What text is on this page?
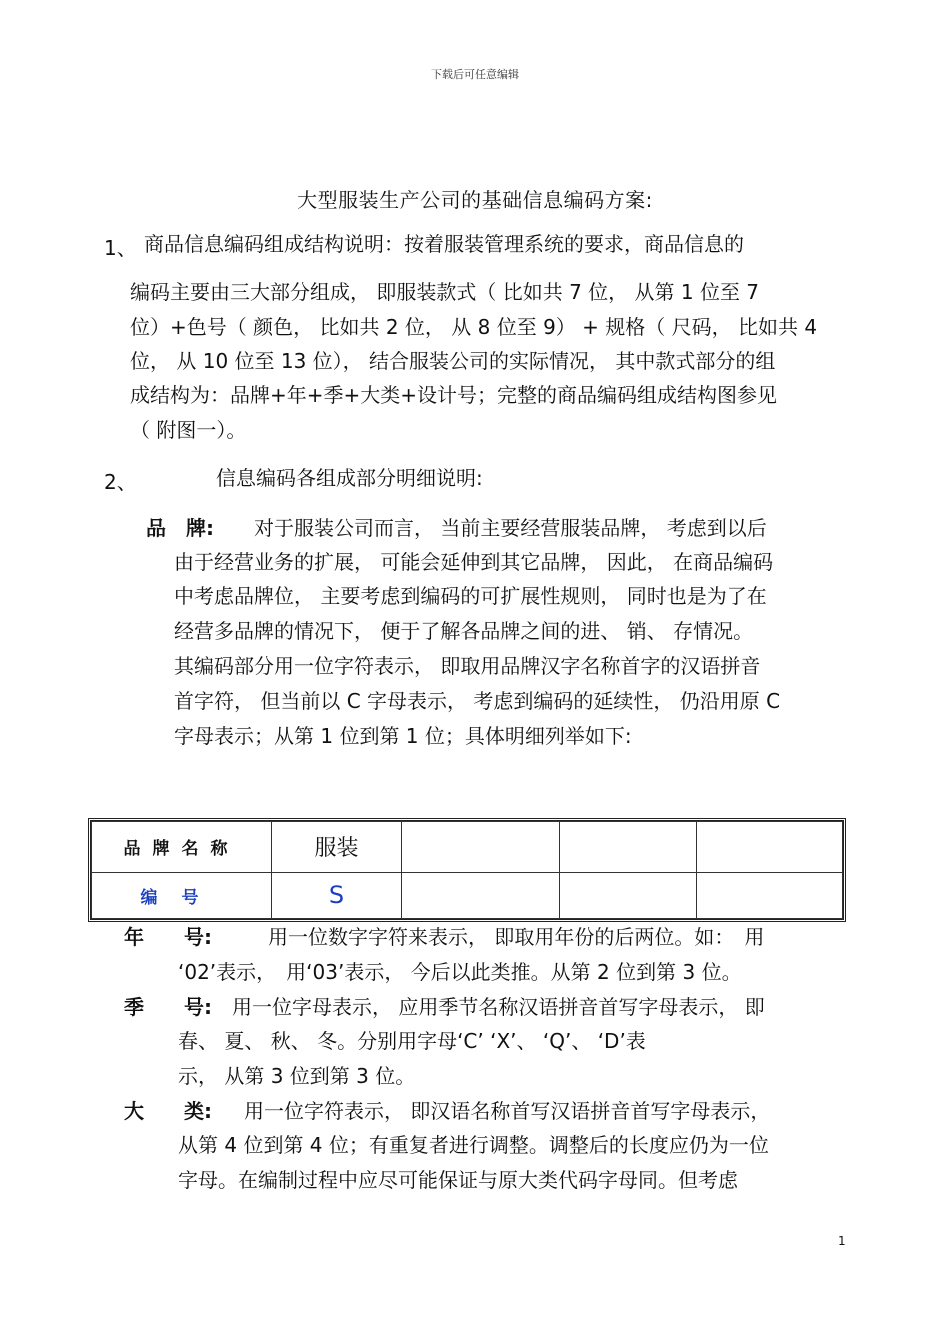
下载后可任意编辑
大型服装生产公司的基础信息编码方案:
1、 商品信息编码组成结构说明：按着服装管理系统的要求，商品信息的
编码主要由三大部分组成， 即服装款式（ 比如共 7 位， 从第 1 位至 7
位）+色号（ 颜色， 比如共 2 位， 从 8 位至 9） + 规格（ 尺码， 比如共 4
位， 从 10 位至 13 位）， 结合服装公司的实际情况， 其中款式部分的组
成结构为：品牌+年+季+大类+设计号；完整的商品编码组成结构图参见
（ 附图一）。
2、	信息编码各组成部分明细说明:
品　牌: 对于服装公司而言， 当前主要经营服装品牌， 考虑到以后
由于经营业务的扩展， 可能会延伸到其它品牌， 因此， 在商品编码
中考虑品牌位， 主要考虑到编码的可扩展性规则， 同时也是为了在
经营多品牌的情况下， 便于了解各品牌之间的进、 销、 存情况。
其编码部分用一位字符表示， 即取用品牌汉字名称首字的汉语拼音
首字符， 但当前以 C 字母表示， 考虑到编码的延续性， 仍沿用原 C
字母表示；从第 1 位到第 1 位；具体明细列举如下:
品牌名称	服装			
编号	S			
年　　号:	用一位数字字符来表示， 即取用年份的后两位。如：　用
‘02’表示，　用‘03’表示， 今后以此类推。从第 2 位到第 3 位。
季　　号: 用一位字母表示， 应用季节名称汉语拼音首写字母表示， 即
春、 夏、 秋、 冬。分别用字母‘C’ ‘X’、 ‘Q’、 ‘D’表
示， 从第 3 位到第 3 位。
大　　类: 用一位字符表示， 即汉语名称首写汉语拼音首写字母表示，
从第 4 位到第 4 位；有重复者进行调整。调整后的长度应仍为一位
字母。在编制过程中应尽可能保证与原大类代码字母同。但考虑
1
